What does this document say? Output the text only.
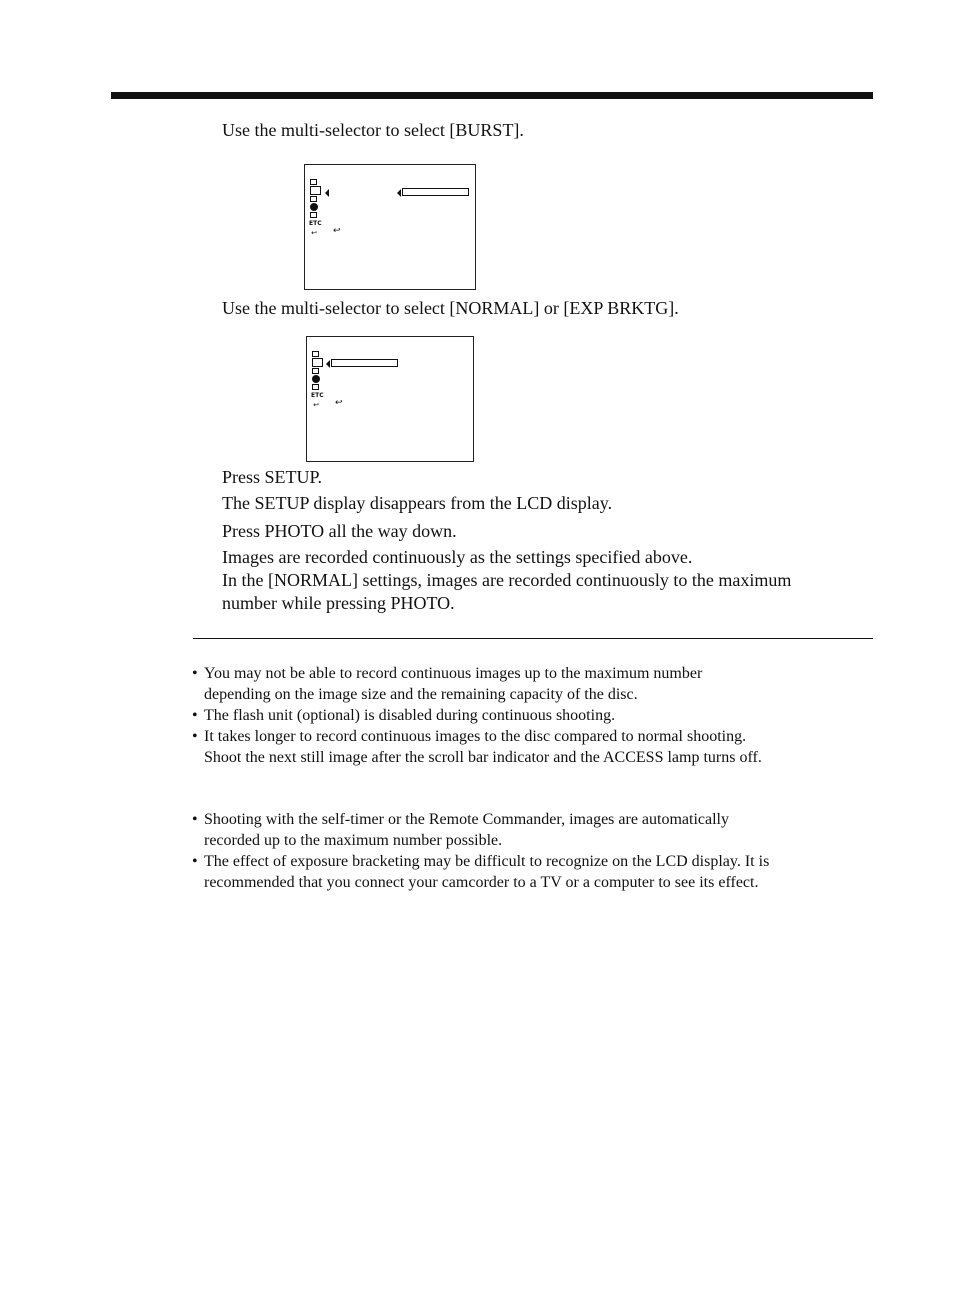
Use the multi-selector to select [BURST].
ETC
↩ ↩
Use the multi-selector to select [NORMAL] or [EXP BRKTG].
ETC
↩ ↩
Press SETUP.
The SETUP display disappears from the LCD display.
Press PHOTO all the way down.
Images are recorded continuously as the settings specified above.
In the [NORMAL] settings, images are recorded continuously to the maximum
number while pressing PHOTO.
• You may not be able to record continuous images up to the maximum number
depending on the image size and the remaining capacity of the disc.
• The flash unit (optional) is disabled during continuous shooting.
• It takes longer to record continuous images to the disc compared to normal shooting.
Shoot the next still image after the scroll bar indicator and the ACCESS lamp turns off.
• Shooting with the self-timer or the Remote Commander, images are automatically
recorded up to the maximum number possible.
• The effect of exposure bracketing may be difficult to recognize on the LCD display. It is
recommended that you connect your camcorder to a TV or a computer to see its effect.
